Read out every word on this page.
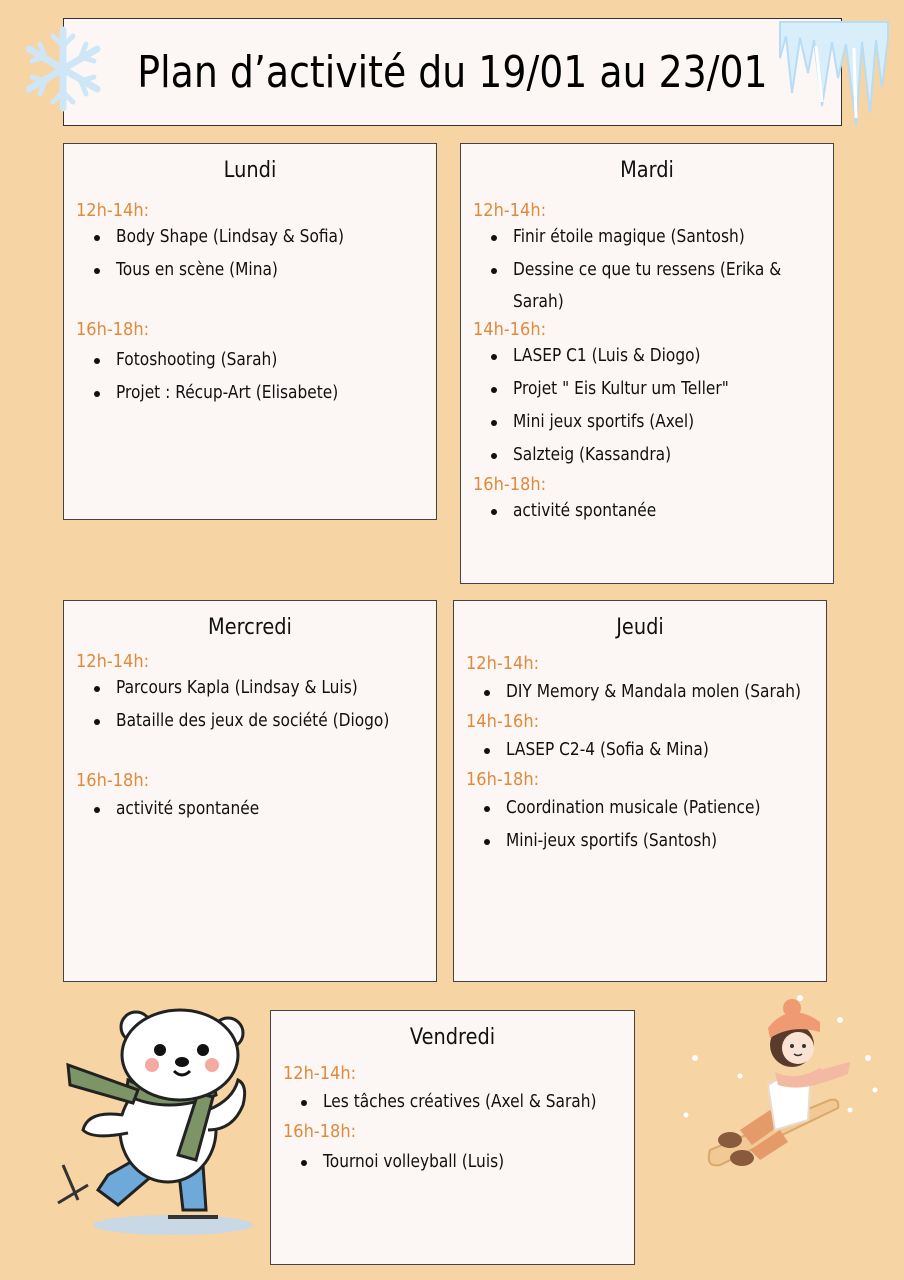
Plan d’activité du 19/01 au 23/01
Lundi
12h-14h:
Body Shape (Lindsay & Sofia)
Tous en scène (Mina)
16h-18h:
Fotoshooting (Sarah)
Projet : Récup-Art (Elisabete)
Mardi
12h-14h:
Finir étoile magique (Santosh)
Dessine ce que tu ressens (Erika &
Sarah)
14h-16h:
LASEP C1 (Luis & Diogo)
Projet " Eis Kultur um Teller"
Mini jeux sportifs (Axel)
Salzteig (Kassandra)
16h-18h:
activité spontanée
Mercredi
12h-14h:
Parcours Kapla (Lindsay & Luis)
Bataille des jeux de société (Diogo)
16h-18h:
activité spontanée
Jeudi
12h-14h:
DIY Memory & Mandala molen (Sarah)
14h-16h:
LASEP C2-4 (Sofia & Mina)
16h-18h:
Coordination musicale (Patience)
Mini-jeux sportifs (Santosh)
Vendredi
12h-14h:
Les tâches créatives (Axel & Sarah)
16h-18h:
Tournoi volleyball (Luis)
